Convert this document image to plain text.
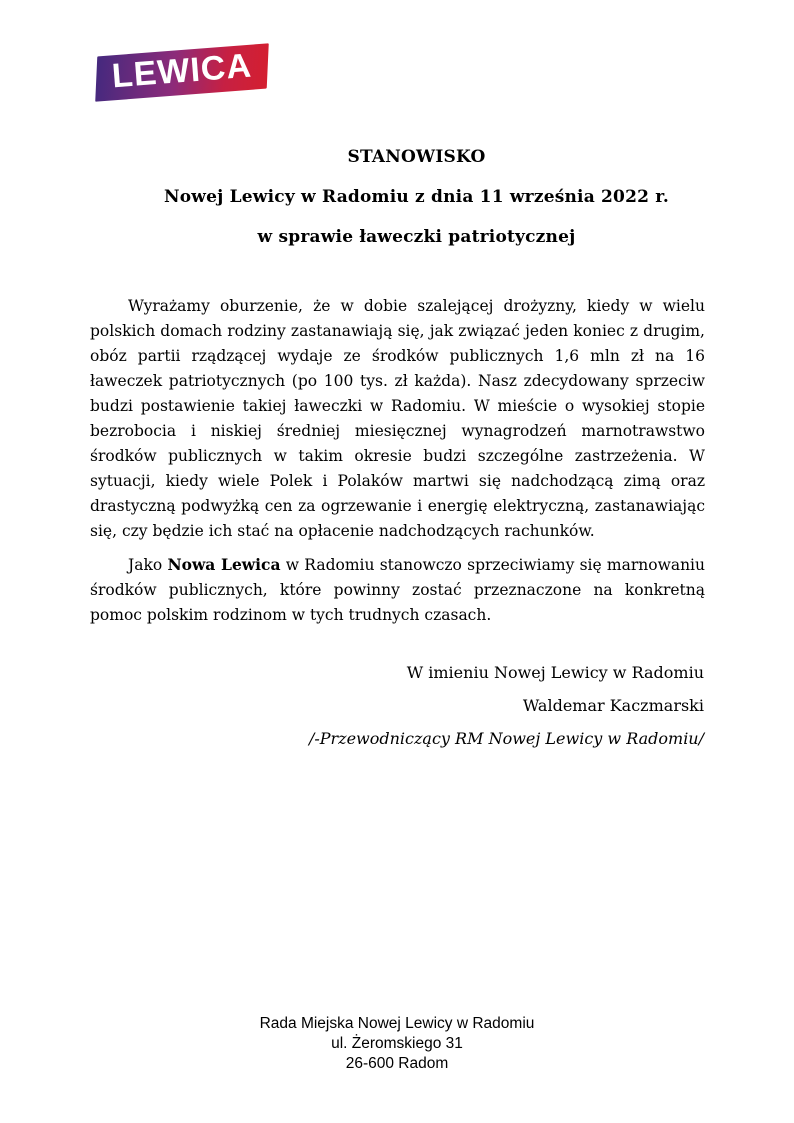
LEWICA

STANOWISKO

Nowej Lewicy w Radomiu z dnia 11 września 2022 r.

w sprawie ławeczki patriotycznej

Wyrażamy oburzenie, że w dobie szalejącej drożyzny, kiedy w wielu polskich domach rodziny zastanawiają się, jak związać jeden koniec z drugim, obóz partii rządzącej wydaje ze środków publicznych 1,6 mln zł na 16 ławeczek patriotycznych (po 100 tys. zł każda). Nasz zdecydowany sprzeciw budzi postawienie takiej ławeczki w Radomiu. W mieście o wysokiej stopie bezrobocia i niskiej średniej miesięcznej wynagrodzeń marnotrawstwo środków publicznych w takim okresie budzi szczególne zastrzeżenia. W sytuacji, kiedy wiele Polek i Polaków martwi się nadchodzącą zimą oraz drastyczną podwyżką cen za ogrzewanie i energię elektryczną, zastanawiając się, czy będzie ich stać na opłacenie nadchodzących rachunków.

Jako Nowa Lewica w Radomiu stanowczo sprzeciwiamy się marnowaniu środków publicznych, które powinny zostać przeznaczone na konkretną pomoc polskim rodzinom w tych trudnych czasach.

W imieniu Nowej Lewicy w Radomiu

Waldemar Kaczmarski

/-Przewodniczący RM Nowej Lewicy w Radomiu/

Rada Miejska Nowej Lewicy w Radomiu

ul. Żeromskiego 31

26-600 Radom
